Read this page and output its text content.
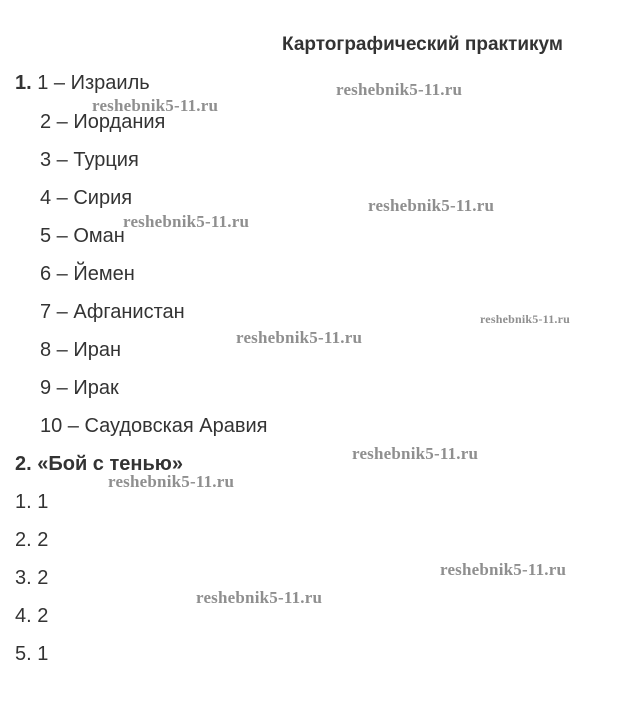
Картографический практикум
1. 1 – Израиль
2 – Иордания
3 – Турция
4 – Сирия
5 – Оман
6 – Йемен
7 – Афганистан
8 – Иран
9 – Ирак
10 – Саудовская Аравия
2. «Бой с тенью»
1. 1
2. 2
3. 2
4. 2
5. 1
reshebnik5-11.ru
reshebnik5-11.ru
reshebnik5-11.ru
reshebnik5-11.ru
reshebnik5-11.ru
reshebnik5-11.ru
reshebnik5-11.ru
reshebnik5-11.ru
reshebnik5-11.ru
reshebnik5-11.ru
